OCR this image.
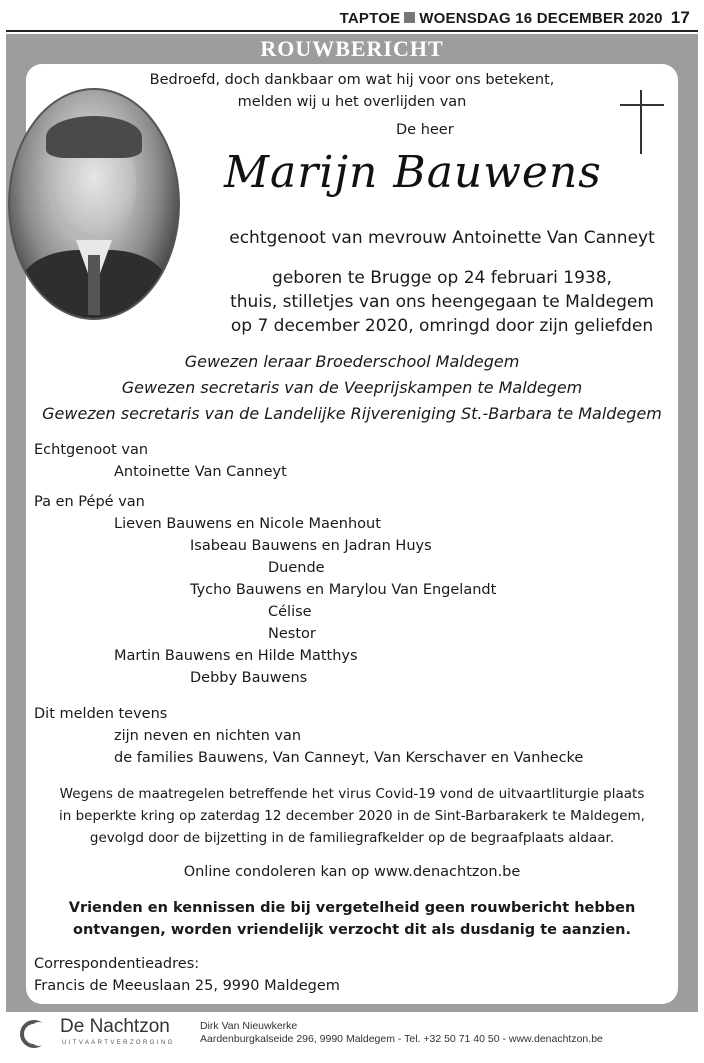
TAPTOE WOENSDAG 16 DECEMBER 2020 17
ROUWBERICHT
Bedroefd, doch dankbaar om wat hij voor ons betekent,
melden wij u het overlijden van
De heer
Marijn Bauwens
echtgenoot van mevrouw Antoinette Van Canneyt
geboren te Brugge op 24 februari 1938,
thuis, stilletjes van ons heengegaan te Maldegem
op 7 december 2020, omringd door zijn geliefden
Gewezen leraar Broederschool Maldegem
Gewezen secretaris van de Veeprijskampen te Maldegem
Gewezen secretaris van de Landelijke Rijvereniging St.-Barbara te Maldegem
Echtgenoot van
Antoinette Van Canneyt
Pa en Pépé van
Lieven Bauwens en Nicole Maenhout
Isabeau Bauwens en Jadran Huys
Duende
Tycho Bauwens en Marylou Van Engelandt
Célise
Nestor
Martin Bauwens en Hilde Matthys
Debby Bauwens
Dit melden tevens
zijn neven en nichten van
de families Bauwens, Van Canneyt, Van Kerschaver en Vanhecke
Wegens de maatregelen betreffende het virus Covid-19 vond de uitvaartliturgie plaats
in beperkte kring op zaterdag 12 december 2020 in de Sint-Barbarakerk te Maldegem,
gevolgd door de bijzetting in de familiegrafkelder op de begraafplaats aldaar.
Online condoleren kan op www.denachtzon.be
Vrienden en kennissen die bij vergetelheid geen rouwbericht hebben
ontvangen, worden vriendelijk verzocht dit als dusdanig te aanzien.
Correspondentieadres:
Francis de Meeuslaan 25, 9990 Maldegem
De Nachtzon
UITVAARTVERZORGING
Dirk Van Nieuwkerke
Aardenburgkalseide 296, 9990 Maldegem - Tel. +32 50 71 40 50 - www.denachtzon.be
